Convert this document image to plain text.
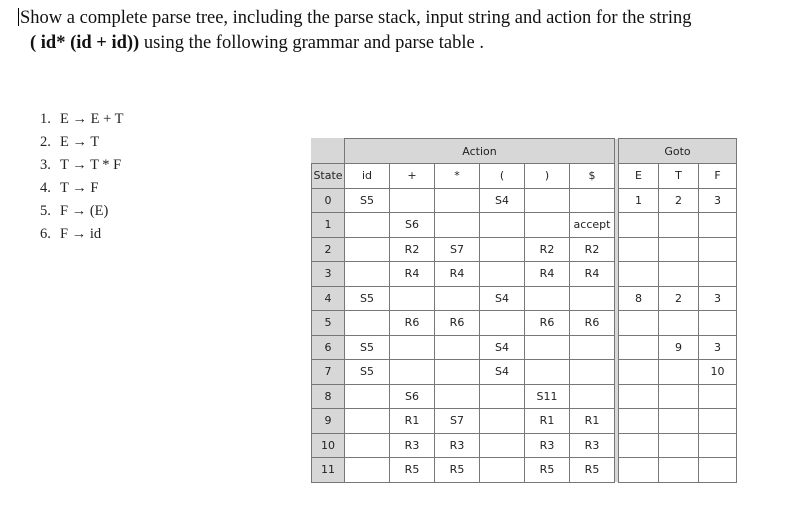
Show a complete parse tree, including the parse stack, input string and action for the string
( id* (id + id)) using the following grammar and parse table .
1. E → E + T
2. E → T
3. T → T * F
4. T → F
5. F → (E)
6. F → id
	Action							Goto		
State	id	+	*	(	)	$		E	T	F
0	S5			S4				1	2	3
1		S6				accept				
2		R2	S7		R2	R2				
3		R4	R4		R4	R4				
4	S5			S4				8	2	3
5		R6	R6		R6	R6				
6	S5			S4					9	3
7	S5			S4						10
8		S6			S11					
9		R1	S7		R1	R1				
10		R3	R3		R3	R3				
11		R5	R5		R5	R5				
